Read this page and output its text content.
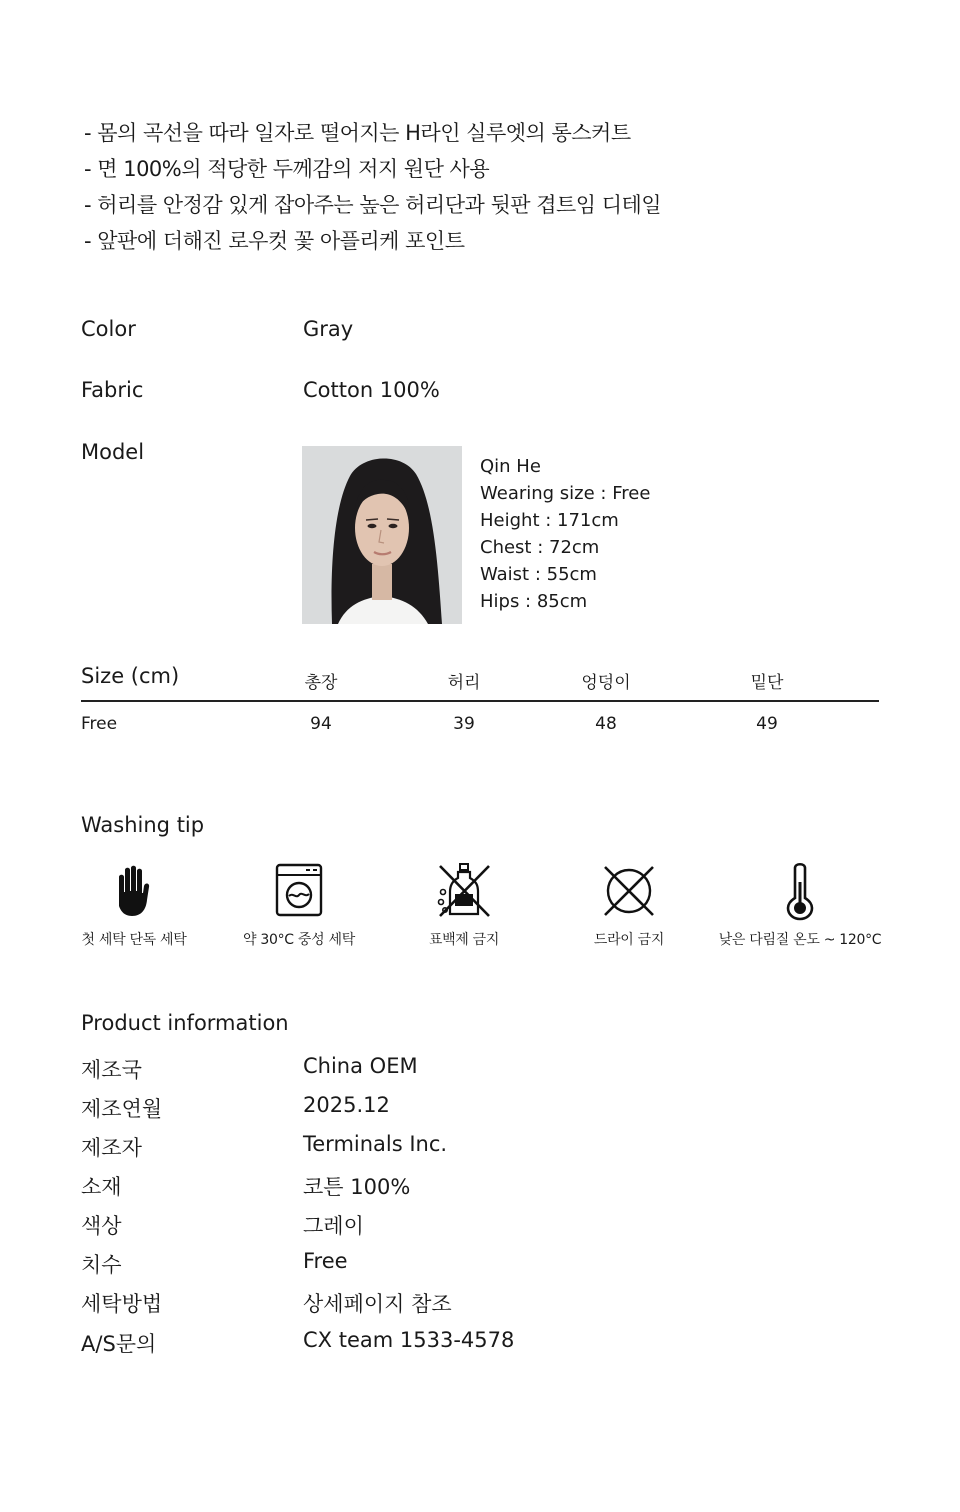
- 몸의 곡선을 따라 일자로 떨어지는 H라인 실루엣의 롱스커트
- 면 100%의 적당한 두께감의 저지 원단 사용
- 허리를 안정감 있게 잡아주는 높은 허리단과 뒷판 겹트임 디테일
- 앞판에 더해진 로우컷 꽃 아플리케 포인트
Color	Gray
Fabric	Cotton 100%
Model
Qin He
Wearing size : Free
Height : 171cm
Chest : 72cm
Waist : 55cm
Hips : 85cm
Size (cm)	총장	허리	엉덩이	밑단
Free	94	39	48	49
Washing tip
첫 세탁 단독 세탁	약 30°C 중성 세탁	표백제 금지	드라이 금지	낮은 다림질 온도 ~ 120°C
Product information
제조국	China OEM
제조연월	2025.12
제조자	Terminals Inc.
소재	코튼 100%
색상	그레이
치수	Free
세탁방법	상세페이지 참조
A/S문의	CX team 1533-4578
